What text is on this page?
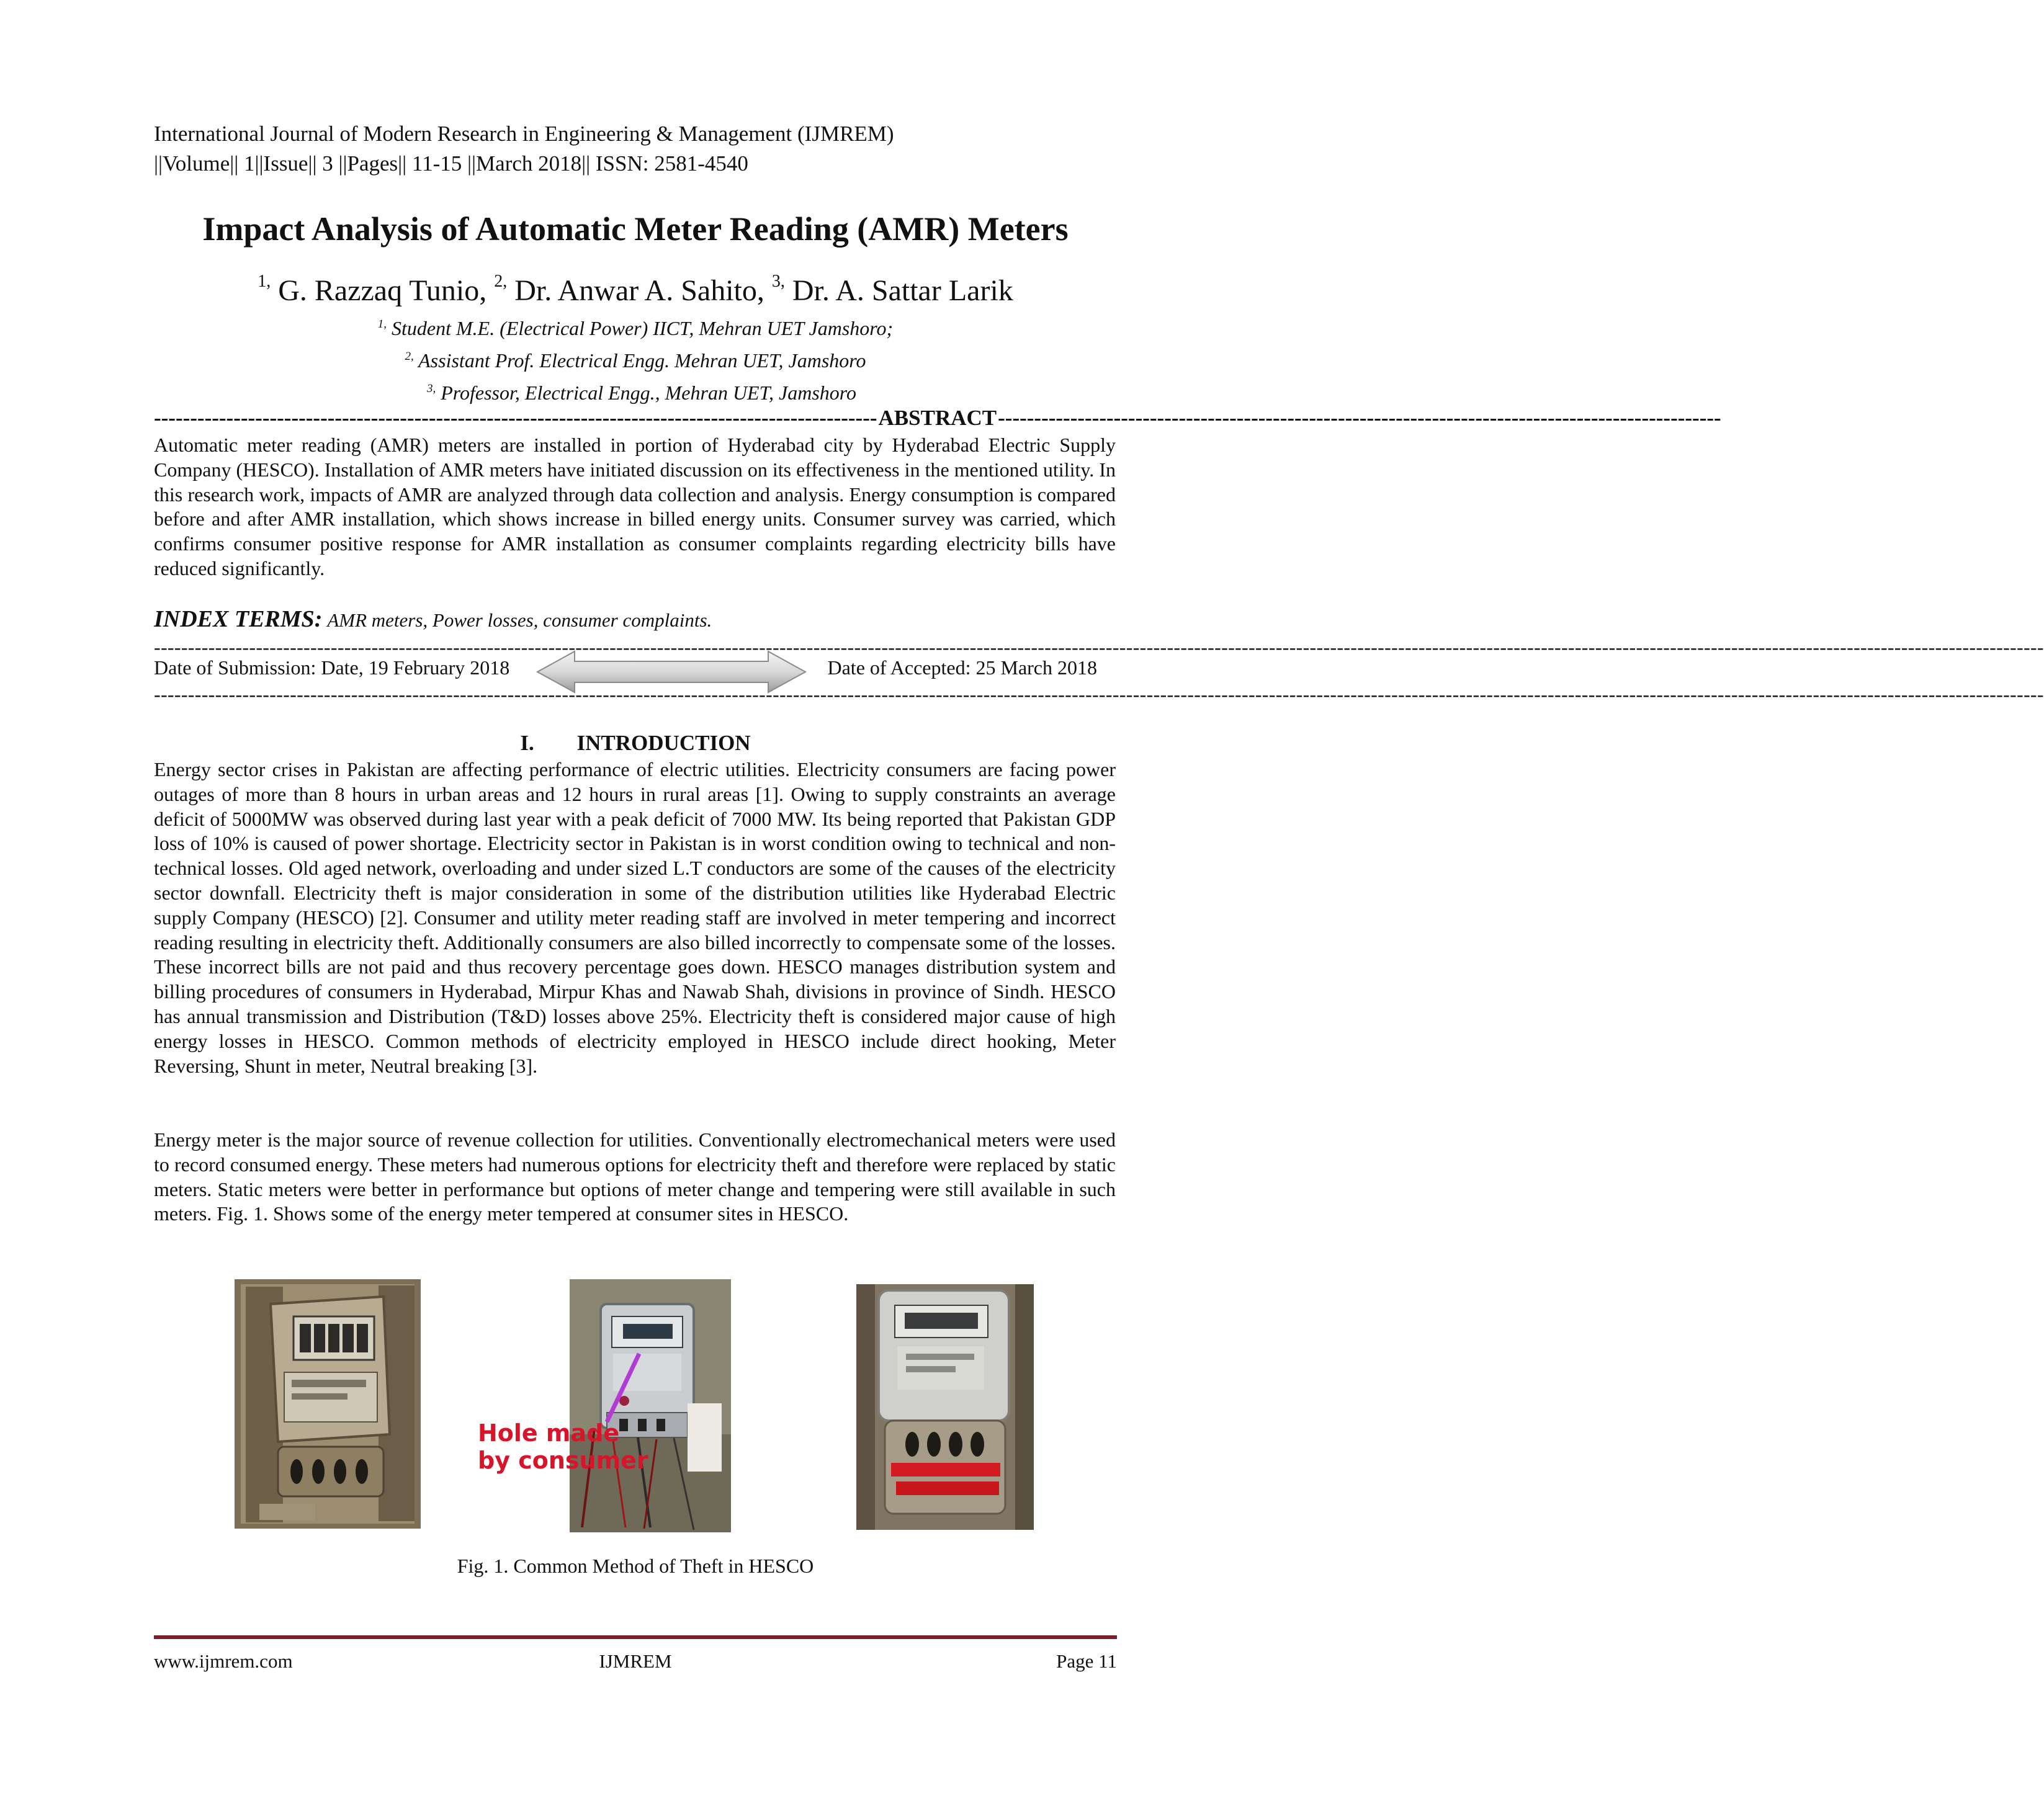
International Journal of Modern Research in Engineering & Management (IJMREM)
||Volume|| 1||Issue|| 3 ||Pages|| 11-15 ||March 2018|| ISSN: 2581-4540
Impact Analysis of Automatic Meter Reading (AMR) Meters
$^{1,}$ G. Razzaq Tunio, $^{2,}$ Dr. Anwar A. Sahito, $^{3,}$ Dr. A. Sattar Larik
$^{1,}$ Student M.E. (Electrical Power) IICT, Mehran UET Jamshoro;
$^{2,}$ Assistant Prof. Electrical Engg. Mehran UET, Jamshoro
$^{3,}$ Professor, Electrical Engg., Mehran UET, Jamshoro
---------------------------------------------------------------------------------------------------- ABSTRACT ----------------------------------------------------------------------------------------------------
Automatic meter reading (AMR) meters are installed in portion of Hyderabad city by Hyderabad Electric Supply Company (HESCO). Installation of AMR meters have initiated discussion on its effectiveness in the mentioned utility. In this research work, impacts of AMR are analyzed through data collection and analysis. Energy consumption is compared before and after AMR installation, which shows increase in billed energy units. Consumer survey was carried, which confirms consumer positive response for AMR installation as consumer complaints regarding electricity bills have reduced significantly.
INDEX TERMS: AMR meters, Power losses, consumer complaints.
--------------------------------------------------------------------------------------------------------------------------------------------------------------------------------------------------------------------------------------------------------------------------------------
Date of Submission: Date, 19 February 2018	Date of Accepted: 25 March 2018
--------------------------------------------------------------------------------------------------------------------------------------------------------------------------------------------------------------------------------------------------------------------------------------
I. INTRODUCTION
Energy sector crises in Pakistan are affecting performance of electric utilities. Electricity consumers are facing power outages of more than 8 hours in urban areas and 12 hours in rural areas [1]. Owing to supply constraints an average deficit of 5000MW was observed during last year with a peak deficit of 7000 MW. Its being reported that Pakistan GDP loss of 10% is caused of power shortage. Electricity sector in Pakistan is in worst condition owing to technical and non-technical losses. Old aged network, overloading and under sized L.T conductors are some of the causes of the electricity sector downfall. Electricity theft is major consideration in some of the distribution utilities like Hyderabad Electric supply Company (HESCO) [2]. Consumer and utility meter reading staff are involved in meter tempering and incorrect reading resulting in electricity theft. Additionally consumers are also billed incorrectly to compensate some of the losses. These incorrect bills are not paid and thus recovery percentage goes down. HESCO manages distribution system and billing procedures of consumers in Hyderabad, Mirpur Khas and Nawab Shah, divisions in province of Sindh. HESCO has annual transmission and Distribution (T&D) losses above 25%. Electricity theft is considered major cause of high energy losses in HESCO. Common methods of electricity employed in HESCO include direct hooking, Meter Reversing, Shunt in meter, Neutral breaking [3].
Energy meter is the major source of revenue collection for utilities. Conventionally electromechanical meters were used to record consumed energy. These meters had numerous options for electricity theft and therefore were replaced by static meters. Static meters were better in performance but options of meter change and tempering were still available in such meters. Fig. 1. Shows some of the energy meter tempered at consumer sites in HESCO.
Hole made
by consumer
Fig. 1. Common Method of Theft in HESCO
www.ijmrem.com	IJMREM	Page 11
